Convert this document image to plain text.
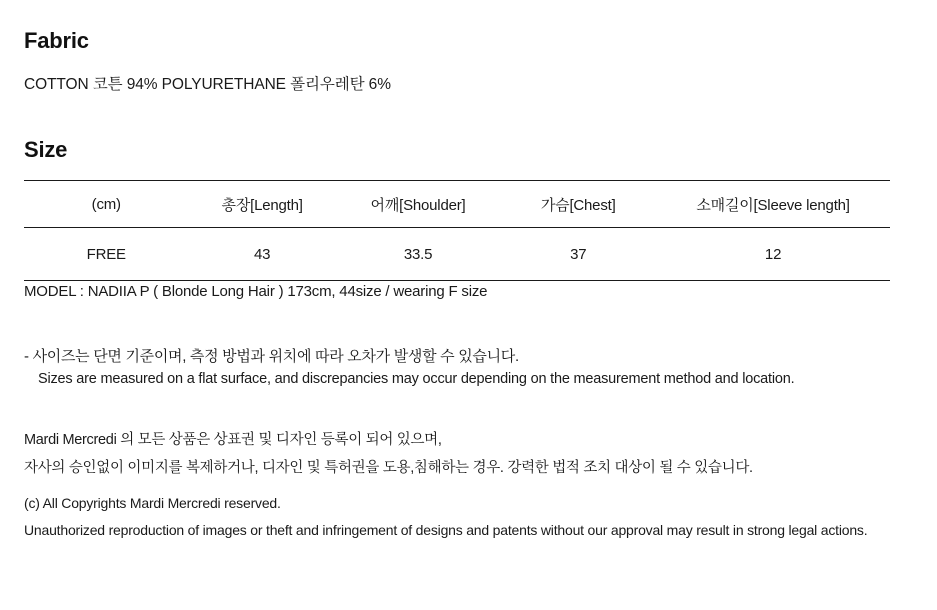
Fabric
COTTON 코튼 94% POLYURETHANE 폴리우레탄 6%
Size
(cm)	총장[Length]	어깨[Shoulder]	가슴[Chest]	소매길이[Sleeve length]
FREE	43	33.5	37	12
MODEL : NADIIA P ( Blonde Long Hair ) 173cm, 44size / wearing F size
- 사이즈는 단면 기준이며, 측정 방법과 위치에 따라 오차가 발생할 수 있습니다.
Sizes are measured on a flat surface, and discrepancies may occur depending on the measurement method and location.
Mardi Mercredi 의 모든 상품은 상표권 및 디자인 등록이 되어 있으며,
자사의 승인없이 이미지를 복제하거나, 디자인 및 특허권을 도용,침해하는 경우. 강력한 법적 조치 대상이 될 수 있습니다.
(c) All Copyrights Mardi Mercredi reserved.
Unauthorized reproduction of images or theft and infringement of designs and patents without our approval may result in strong legal actions.
